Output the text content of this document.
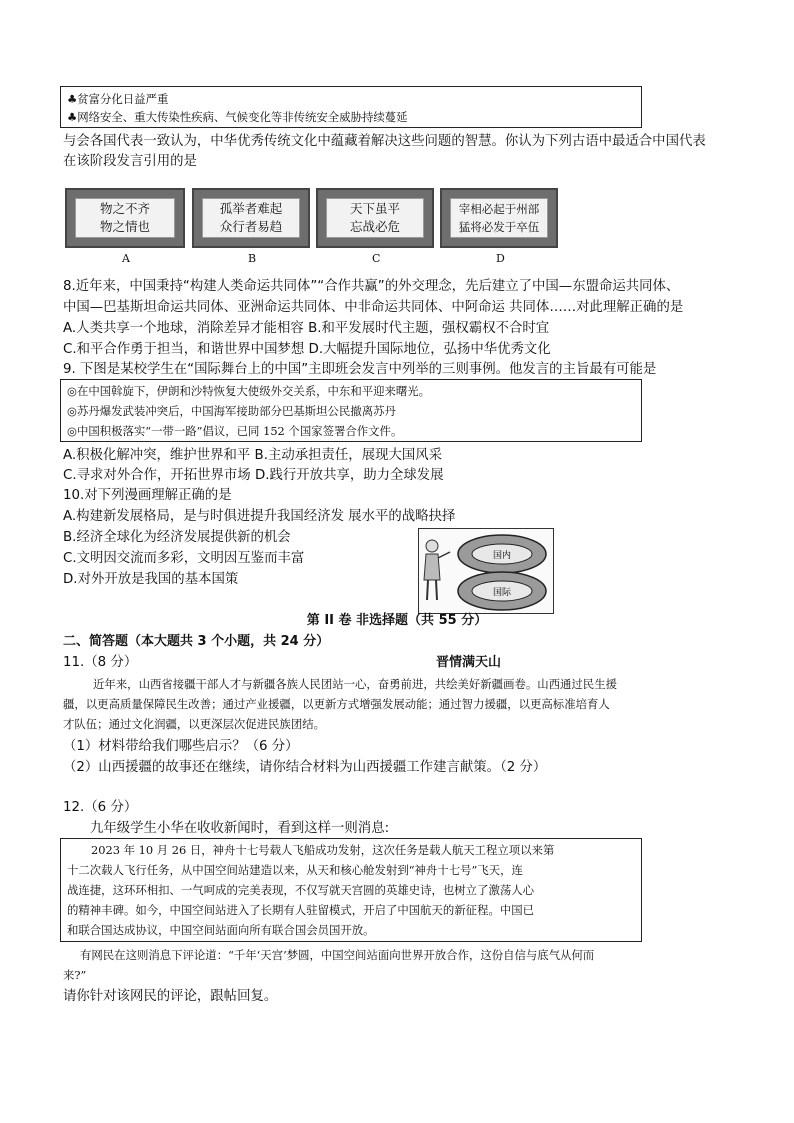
♣贫富分化日益严重
♣网络安全、重大传染性疾病、气候变化等非传统安全威胁持续蔓延
与会各国代表一致认为，中华优秀传统文化中蕴藏着解决这些问题的智慧。你认为下列古语中最适合中国代表
在该阶段发言引用的是
物之不齐
物之情也
孤举者难起
众行者易趋
天下虽平
忘战必危
宰相必起于州部
猛将必发于卒伍
A	B	C	D
8.近年来，中国秉持“构建人类命运共同体”“合作共赢”的外交理念，先后建立了中国—东盟命运共同体、
中国—巴基斯坦命运共同体、亚洲命运共同体、中非命运共同体、中阿命运 共同体……对此理解正确的是
A.人类共享一个地球，消除差异才能相容 B.和平发展时代主题，强权霸权不合时宜
C.和平合作勇于担当，和谐世界中国梦想 D.大幅提升国际地位，弘扬中华优秀文化
9. 下图是某校学生在“国际舞台上的中国”主即班会发言中列举的三则事例。他发言的主旨最有可能是
◎在中国斡旋下，伊朗和沙特恢复大使级外交关系，中东和平迎来曙光。
◎苏丹爆发武装冲突后，中国海军接助部分巴基斯坦公民撤离苏丹
◎中国积极落实“一带一路”倡议，已同 152 个国家签署合作文件。
A.积极化解冲突，维护世界和平 B.主动承担责任，展现大国风采
C.寻求对外合作，开拓世界市场 D.践行开放共享，助力全球发展
10.对下列漫画理解正确的是
A.构建新发展格局，是与时俱进提升我国经济发 展水平的战略抉择
B.经济全球化为经济发展提供新的机会
C.文明因交流而多彩，文明因互鉴而丰富
D.对外开放是我国的基本国策
国内
国际
第 II 卷 非选择题（共 55 分）
二、简答题（本大题共 3 个小题，共 24 分）
11.（8 分）	晋情满天山
近年来，山西省接疆干部人才与新疆各族人民团站一心，奋勇前进，共绘美好新疆画卷。山西通过民生援
疆，以更高质量保障民生改善；通过产业援疆，以更新方式增强发展动能；通过智力援疆，以更高标准培育人
才队伍；通过文化润疆，以更深层次促进民族团结。
（1）材料带给我们哪些启示？（6 分）
（2）山西援疆的故事还在继续，请你结合材料为山西援疆工作建言献策。（2 分）
12.（6 分）
九年级学生小华在收收新闻时，看到这样一则消息:
2023 年 10 月 26 日，神舟十七号载人飞船成功发射，这次任务是载人航天工程立项以来第
十二次载人飞行任务，从中国空间站建造以来，从天和核心舱发射到“神舟十七号”飞天，连
战连捷，这环环相扣、一气呵成的完美表现，不仅写就天宫圆的英雄史诗，也树立了激荡人心
的精神丰碑。如今，中国空间站进入了长期有人驻留模式，开启了中国航天的新征程。中国已
和联合国达成协议，中国空间站面向所有联合国会员国开放。
有网民在这则消息下评论道：“千年‘天宫’梦圆，中国空间站面向世界开放合作，这份自信与底气从何而
来?”
请你针对该网民的评论，跟帖回复。
